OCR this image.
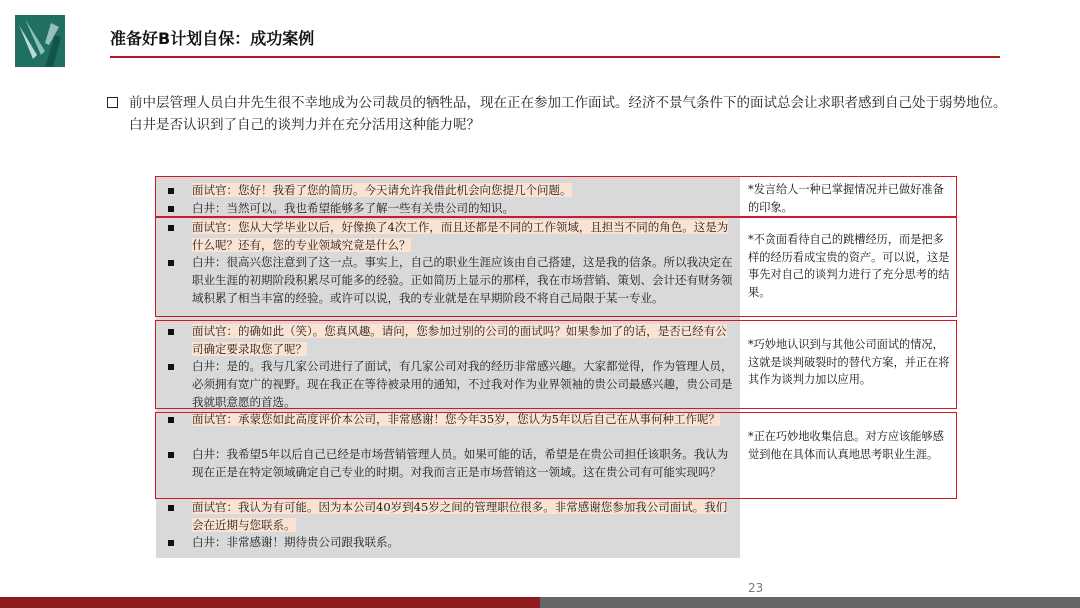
准备好B计划自保：成功案例
前中层管理人员白井先生很不幸地成为公司裁员的牺牲品，现在正在参加工作面试。经济不景气条件下的面试总会让求职者感到自己处于弱势地位。白井是否认识到了自己的谈判力并在充分活用这种能力呢？
面试官：您好！我看了您的简历。今天请允许我借此机会向您提几个问题。
白井：当然可以。我也希望能够多了解一些有关贵公司的知识。
面试官：您从大学毕业以后，好像换了4次工作，而且还都是不同的工作领域，且担当不同的角色。这是为什么呢？还有，您的专业领域究竟是什么？
白井：很高兴您注意到了这一点。事实上，自己的职业生涯应该由自己搭建，这是我的信条。所以我决定在职业生涯的初期阶段积累尽可能多的经验。正如简历上显示的那样，我在市场营销、策划、会计还有财务领域积累了相当丰富的经验。或许可以说，我的专业就是在早期阶段不将自己局限于某一专业。
面试官：的确如此（笑）。您真风趣。请问，您参加过别的公司的面试吗？如果参加了的话，是否已经有公司确定要录取您了呢？
白井：是的。我与几家公司进行了面试，有几家公司对我的经历非常感兴趣。大家都觉得，作为管理人员，必须拥有宽广的视野。现在我正在等待被录用的通知，不过我对作为业界领袖的贵公司最感兴趣，贵公司是我就职意愿的首选。
面试官：承蒙您如此高度评价本公司，非常感谢！您今年35岁，您认为5年以后自己在从事何种工作呢？
白井：我希望5年以后自己已经是市场营销管理人员。如果可能的话，希望是在贵公司担任该职务。我认为现在正是在特定领域确定自己专业的时期。对我而言正是市场营销这一领域。这在贵公司有可能实现吗？
面试官：我认为有可能。因为本公司40岁到45岁之间的管理职位很多。非常感谢您参加我公司面试。我们会在近期与您联系。
白井：非常感谢！期待贵公司跟我联系。
*发言给人一种已掌握情况并已做好准备的印象。
*不贪面看待自己的跳槽经历，而是把多样的经历看成宝贵的资产。可以说，这是事先对自己的谈判力进行了充分思考的结果。
*巧妙地认识到与其他公司面试的情况，这就是谈判破裂时的替代方案，并正在将其作为谈判力加以应用。
*正在巧妙地收集信息。对方应该能够感觉到他在具体而认真地思考职业生涯。
23
